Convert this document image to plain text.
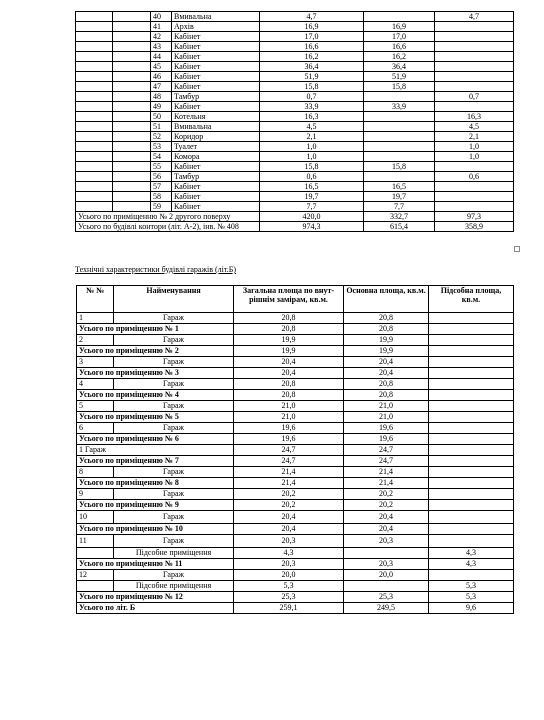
		40	Вмивальна	4,7		4,7
		41	Архів	16,9	16,9	
		42	Кабінет	17,0	17,0	
		43	Кабінет	16,6	16,6	
		44	Кабінет	16,2	16,2	
		45	Кабінет	36,4	36,4	
		46	Кабінет	51,9	51,9	
		47	Кабінет	15,8	15,8	
		48	Тамбур	0,7		0,7
		49	Кабінет	33,9	33,9	
		50	Котельня	16,3		16,3
		51	Вмивальна	4,5		4,5
		52	Коридор	2,1		2,1
		53	Туалет	1,0		1,0
		54	Комора	1,0		1,0
		55	Кабінет	15,8	15,8	
		56	Тамбур	0,6		0,6
		57	Кабінет	16,5	16,5	
		58	Кабінет	19,7	19,7	
		59	Кабінет	7,7	7,7	
Усього по приміщенню № 2 другого поверху				420,0	332,7	97,3
Усього по будівлі контори (літ. А-2), інв. № 408				974,3	615,4	358,9
Технічні характеристики будівлі гаражів (літ.Б)
№ №	Найменування	Загальна площа по внут-рішнім замірам, кв.м.	Основна площа, кв.м.	Підсобна площа, кв.м.
1	Гараж	20,8	20,8	
Усього по приміщенню № 1		20,8	20,8	
2	Гараж	19,9	19,9	
Усього по приміщенню № 2		19,9	19,9	
3	Гараж	20,4	20,4	
Усього по приміщенню № 3		20,4	20,4	
4	Гараж	20,8	20,8	
Усього по приміщенню № 4		20,8	20,8	
5	Гараж	21,0	21,0	
Усього по приміщенню № 5		21,0	21,0	
6	Гараж	19,6	19,6	
Усього по приміщенню № 6		19,6	19,6	
1 Гараж		24,7	24,7	
Усього по приміщенню № 7		24,7	24,7	
8	Гараж	21,4	21,4	
Усього по приміщенню № 8		21,4	21,4	
9	Гараж	20,2	20,2	
Усього по приміщенню № 9		20,2	20,2	
10	Гараж	20,4	20,4	
Усього по приміщенню № 10		20,4	20,4	
11	Гараж	20,3	20,3	
	Підсобне приміщення	4,3		4,3
Усього по приміщенню № 11		20,3	20,3	4,3
12	Гараж	20,0	20,0	
	Підсобне приміщення	5,3		5,3
Усього по приміщенню № 12		25,3	25,3	5,3
Усього по літ. Б		259,1	249,5	9,6
